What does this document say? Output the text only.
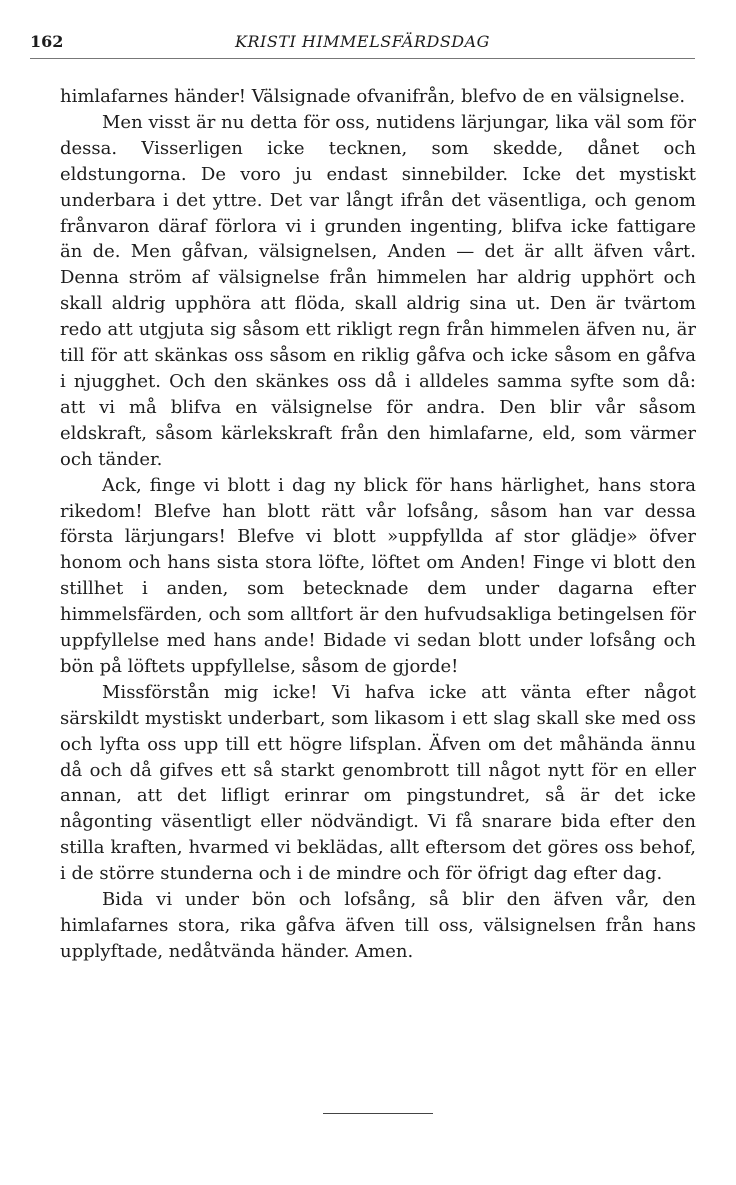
162	KRISTI HIMMELSFÄRDSDAG

himlafarnes händer! Välsignade ofvanifrån, blefvo de en välsignelse.

Men visst är nu detta för oss, nutidens lärjungar, lika väl som för dessa. Visserligen icke tecknen, som skedde, dånet och eldstungorna. De voro ju endast sinnebilder. Icke det mystiskt underbara i det yttre. Det var långt ifrån det väsentliga, och genom frånvaron däraf förlora vi i grunden ingenting, blifva icke fattigare än de. Men gåfvan, välsignelsen, Anden — det är allt äfven vårt. Denna ström af välsignelse från himmelen har aldrig upphört och skall aldrig upphöra att flöda, skall aldrig sina ut. Den är tvärtom redo att utgjuta sig såsom ett rikligt regn från himmelen äfven nu, är till för att skänkas oss såsom en riklig gåfva och icke såsom en gåfva i njugghet. Och den skänkes oss då i alldeles samma syfte som då: att vi må blifva en välsignelse för andra. Den blir vår såsom eldskraft, såsom kärlekskraft från den himlafarne, eld, som värmer och tänder.

Ack, finge vi blott i dag ny blick för hans härlighet, hans stora rikedom! Blefve han blott rätt vår lofsång, såsom han var dessa första lärjungars! Blefve vi blott »uppfyllda af stor glädje» öfver honom och hans sista stora löfte, löftet om Anden! Finge vi blott den stillhet i anden, som betecknade dem under dagarna efter himmelsfärden, och som alltfort är den hufvudsakliga betingelsen för uppfyllelse med hans ande! Bidade vi sedan blott under lofsång och bön på löftets uppfyllelse, såsom de gjorde!

Missförstån mig icke! Vi hafva icke att vänta efter något särskildt mystiskt underbart, som likasom i ett slag skall ske med oss och lyfta oss upp till ett högre lifsplan. Äfven om det måhända ännu då och då gifves ett så starkt genombrott till något nytt för en eller annan, att det lifligt erinrar om pingstundret, så är det icke någonting väsentligt eller nödvändigt. Vi få snarare bida efter den stilla kraften, hvarmed vi beklädas, allt eftersom det göres oss behof, i de större stunderna och i de mindre och för öfrigt dag efter dag.

Bida vi under bön och lofsång, så blir den äfven vår, den himlafarnes stora, rika gåfva äfven till oss, välsignelsen från hans upplyftade, nedåtvända händer. Amen.
